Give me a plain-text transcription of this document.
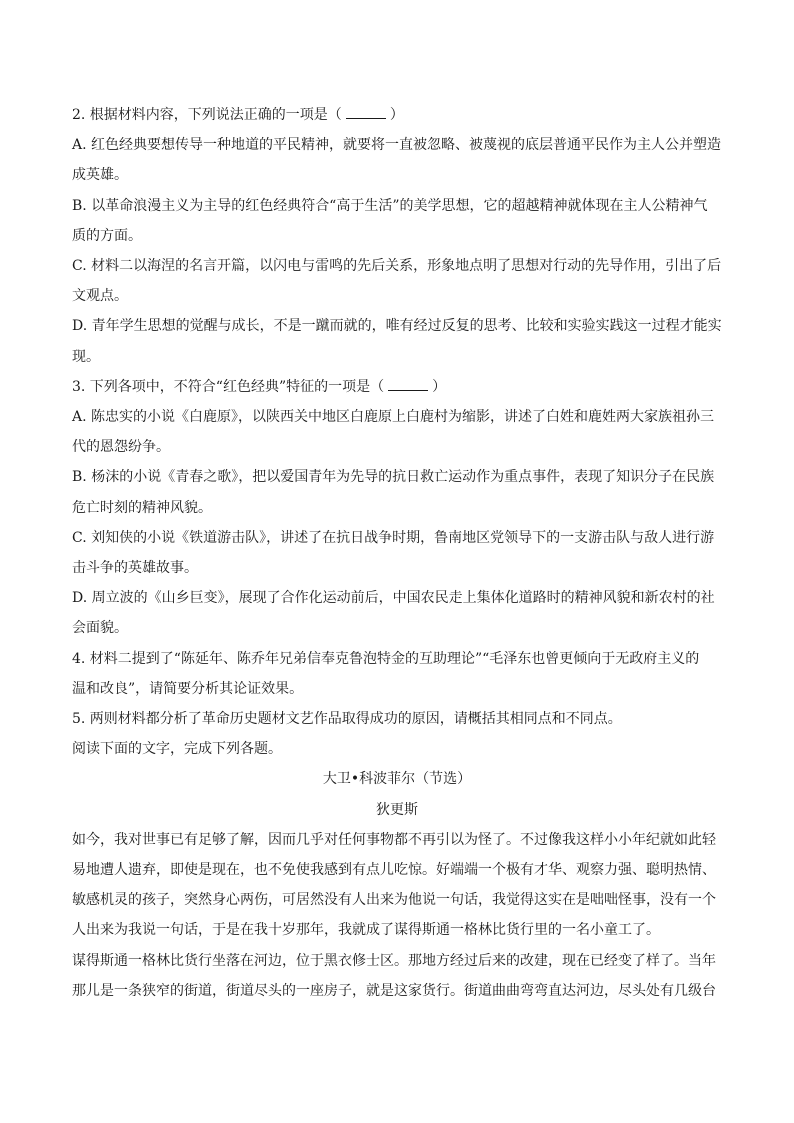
2. 根据材料内容，下列说法正确的一项是（	）
A. 红色经典要想传导一种地道的平民精神，就要将一直被忽略、被蔑视的底层普通平民作为主人公并塑造
成英雄。
B. 以革命浪漫主义为主导的红色经典符合“高于生活”的美学思想，它的超越精神就体现在主人公精神气
质的方面。
C. 材料二以海涅的名言开篇，以闪电与雷鸣的先后关系，形象地点明了思想对行动的先导作用，引出了后
文观点。
D. 青年学生思想的觉醒与成长，不是一蹴而就的，唯有经过反复的思考、比较和实验实践这一过程才能实
现。
3. 下列各项中，不符合“红色经典”特征的一项是（	）
A. 陈忠实的小说《白鹿原》，以陕西关中地区白鹿原上白鹿村为缩影，讲述了白姓和鹿姓两大家族祖孙三
代的恩怨纷争。
B. 杨沫的小说《青春之歌》，把以爱国青年为先导的抗日救亡运动作为重点事件，表现了知识分子在民族
危亡时刻的精神风貌。
C. 刘知侠的小说《铁道游击队》，讲述了在抗日战争时期，鲁南地区党领导下的一支游击队与敌人进行游
击斗争的英雄故事。
D. 周立波的《山乡巨变》，展现了合作化运动前后，中国农民走上集体化道路时的精神风貌和新农村的社
会面貌。
4. 材料二提到了“陈延年、陈乔年兄弟信奉克鲁泡特金的互助理论”“毛泽东也曾更倾向于无政府主义的
温和改良”，请简要分析其论证效果。
5. 两则材料都分析了革命历史题材文艺作品取得成功的原因，请概括其相同点和不同点。
阅读下面的文字，完成下列各题。
大卫•科波菲尔（节选）
狄更斯
如今，我对世事已有足够了解，因而几乎对任何事物都不再引以为怪了。不过像我这样小小年纪就如此轻
易地遭人遗弃，即使是现在，也不免使我感到有点儿吃惊。好端端一个极有才华、观察力强、聪明热情、
敏感机灵的孩子，突然身心两伤，可居然没有人出来为他说一句话，我觉得这实在是咄咄怪事，没有一个
人出来为我说一句话，于是在我十岁那年，我就成了谋得斯通一格林比货行里的一名小童工了。
谋得斯通一格林比货行坐落在河边，位于黑衣修士区。那地方经过后来的改建，现在已经变了样了。当年
那儿是一条狭窄的街道，街道尽头的一座房子，就是这家货行。街道曲曲弯弯直达河边，尽头处有几级台
